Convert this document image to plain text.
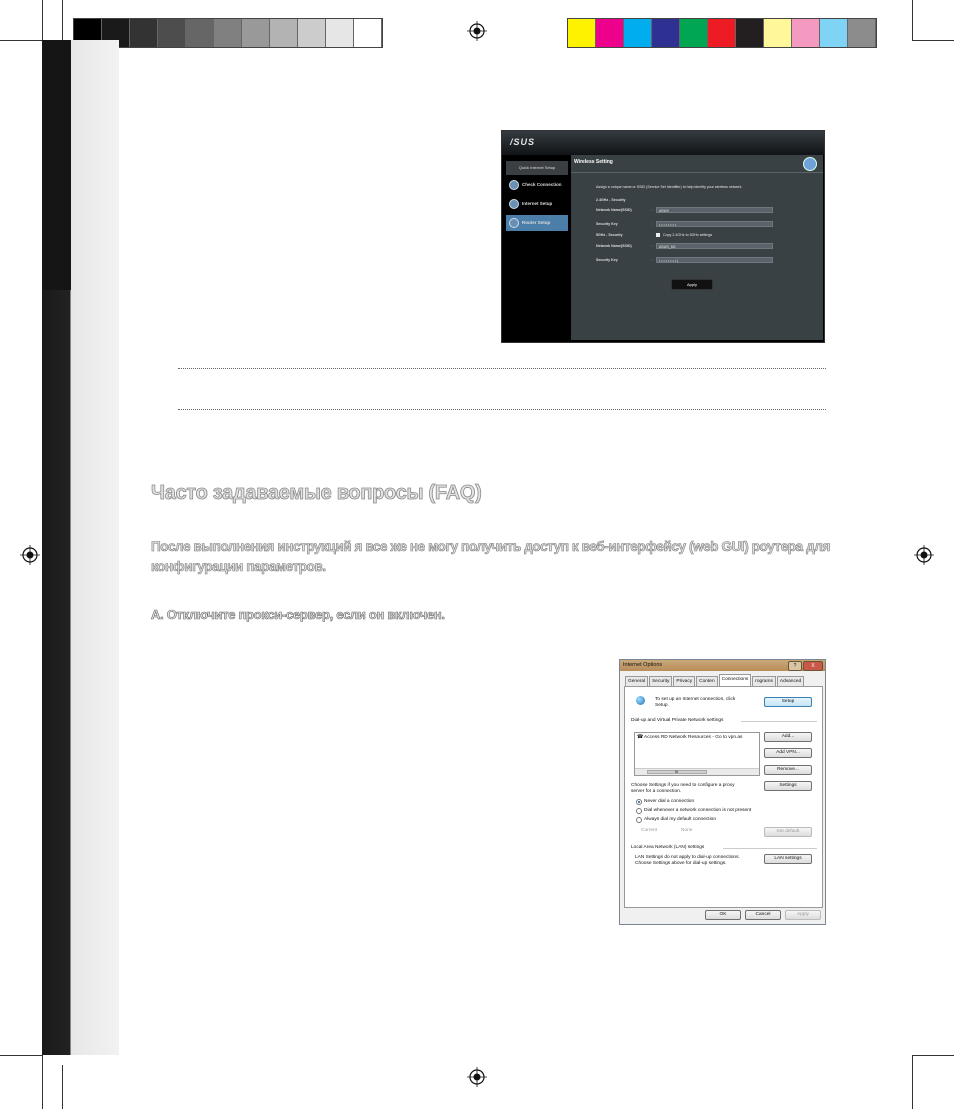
/SUS
Quick Internet Setup
Check Connection
Internet Setup
Router Setup
Wireless Setting
Assign a unique name or SSID (Service Set Identifier) to help identify your wireless network.
2.4GHz - Security
Network Name(SSID)	:	ASUS
Security Key	:	• • • • • • • •
5GHz - Security	Copy 2.4GHz to 5GHz settings
Network Name(SSID)	:	ASUS_5G
Security Key	:	• • • • • • • • |
Apply
Часто задаваемые вопросы (FAQ)
После выполнения инструкций я все же не могу получить доступ к веб-интерфейсу (web GUI) роутера для конфигурации параметров.
A. Отключите прокси-сервер, если он включен.
Internet Options	?	X
General	Security	Privacy	Conten	Connections	rograms	Advanced
To set up an Internet connection, click
Setup.
Setup
Dial-up and Virtual Private Network settings
☎ Access RD Network Resources - Go to vpn.as
III
Add...
Add VPN...
Remove...
Choose Settings if you need to configure a proxy
server for a connection.
Settings
Never dial a connection
Dial whenever a network connection is not present
Always dial my default connection
Current	None	Set default
Local Area Network (LAN) settings
LAN Settings do not apply to dial-up connections.
Choose Settings above for dial-up settings.
LAN settings
OK	Cancel	Apply
